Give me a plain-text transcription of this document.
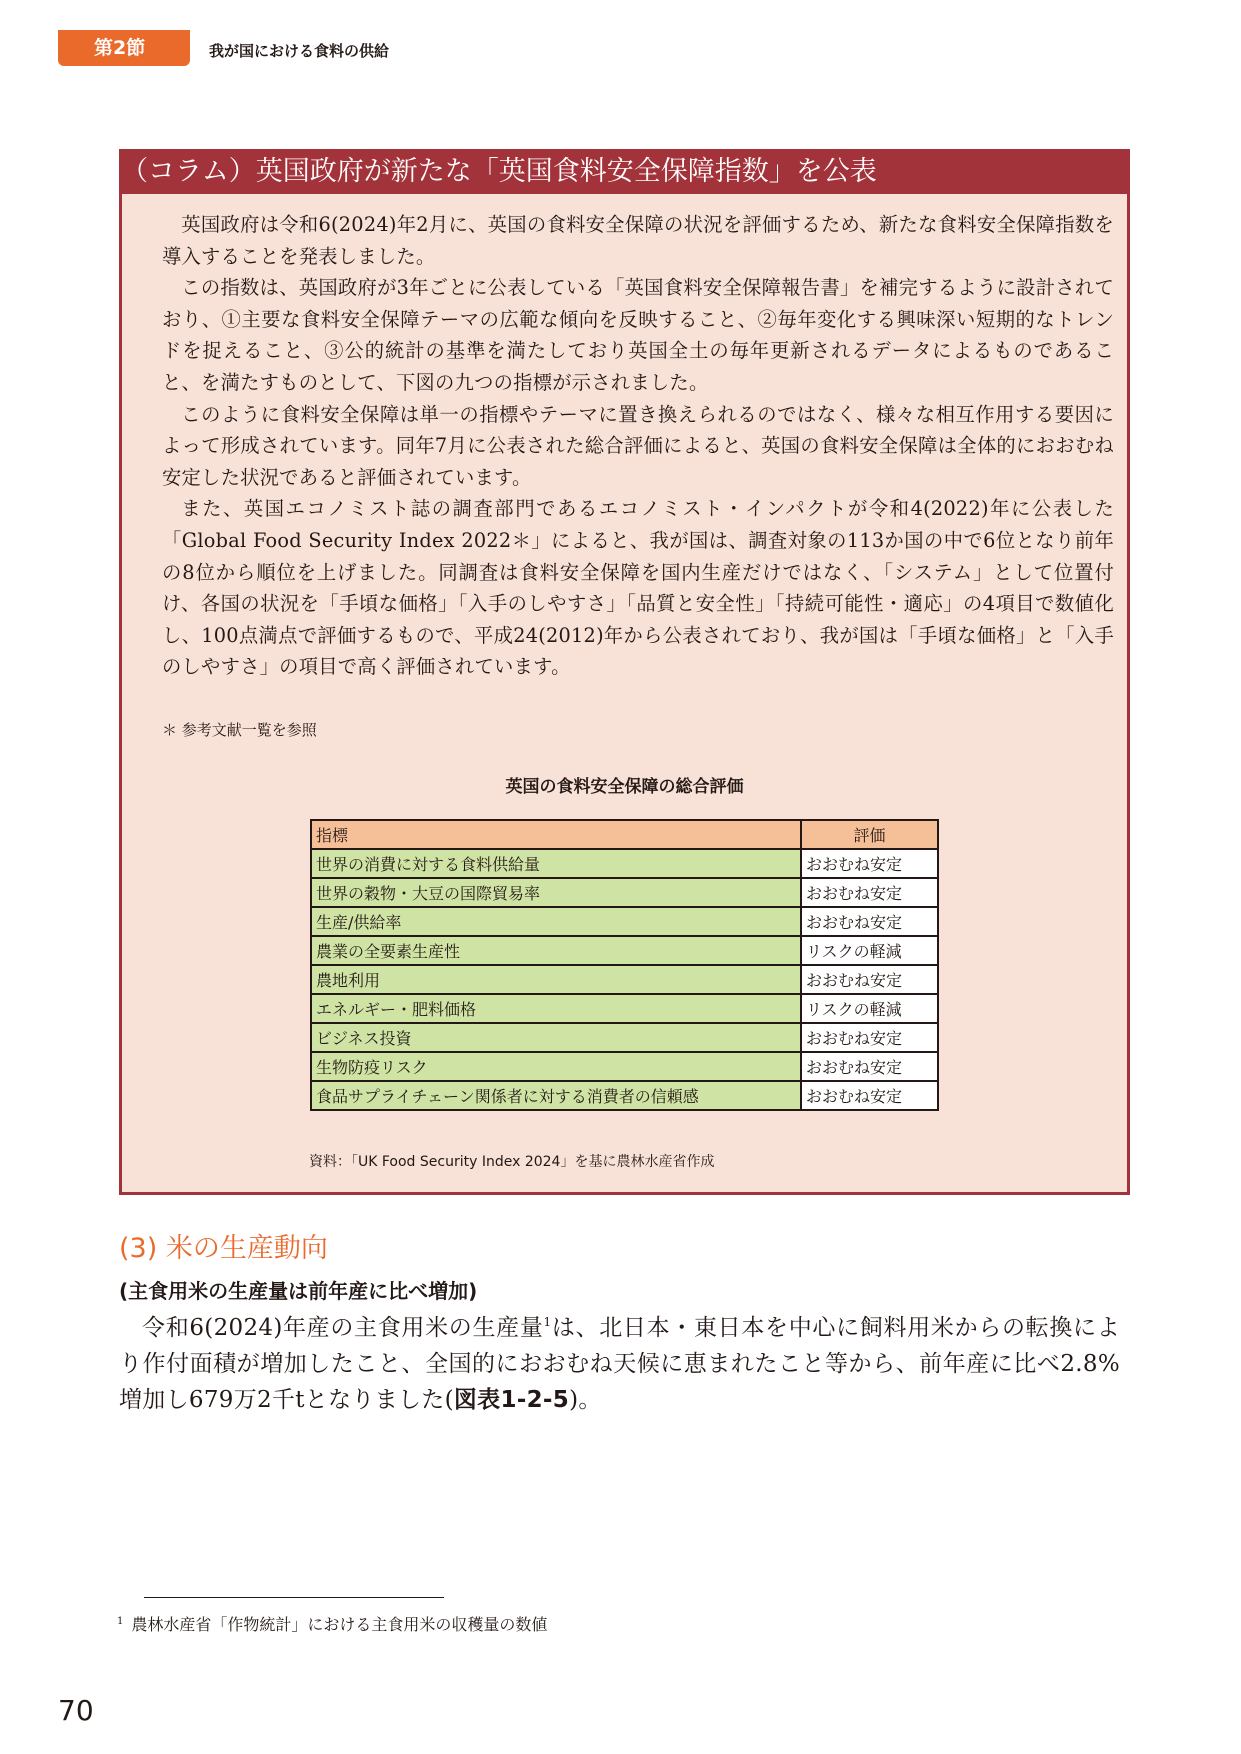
第2節	我が国における食料の供給
（コラム）英国政府が新たな「英国食料安全保障指数」を公表

英国政府は令和6(2024)年2月に、英国の食料安全保障の状況を評価するため、新たな食料安全保障指数を導入することを発表しました。

この指数は、英国政府が3年ごとに公表している「英国食料安全保障報告書」を補完するように設計されており、①主要な食料安全保障テーマの広範な傾向を反映すること、②毎年変化する興味深い短期的なトレンドを捉えること、③公的統計の基準を満たしており英国全土の毎年更新されるデータによるものであること、を満たすものとして、下図の九つの指標が示されました。

このように食料安全保障は単一の指標やテーマに置き換えられるのではなく、様々な相互作用する要因によって形成されています。同年7月に公表された総合評価によると、英国の食料安全保障は全体的におおむね安定した状況であると評価されています。

また、英国エコノミスト誌の調査部門であるエコノミスト・インパクトが令和4(2022)年に公表した「Global Food Security Index 2022＊」によると、我が国は、調査対象の113か国の中で6位となり前年の8位から順位を上げました。同調査は食料安全保障を国内生産だけではなく、「システム」として位置付け、各国の状況を「手頃な価格」「入手のしやすさ」「品質と安全性」「持続可能性・適応」の4項目で数値化し、100点満点で評価するもので、平成24(2012)年から公表されており、我が国は「手頃な価格」と「入手のしやすさ」の項目で高く評価されています。

＊ 参考文献一覧を参照
英国の食料安全保障の総合評価
指標	評価
世界の消費に対する食料供給量	おおむね安定
世界の穀物・大豆の国際貿易率	おおむね安定
生産/供給率	おおむね安定
農業の全要素生産性	リスクの軽減
農地利用	おおむね安定
エネルギー・肥料価格	リスクの軽減
ビジネス投資	おおむね安定
生物防疫リスク	おおむね安定
食品サプライチェーン関係者に対する消費者の信頼感	おおむね安定
資料：「UK Food Security Index 2024」を基に農林水産省作成
(3) 米の生産動向
(主食用米の生産量は前年産に比べ増加)

令和6(2024)年産の主食用米の生産量$^1$は、北日本・東日本を中心に飼料用米からの転換により作付面積が増加したこと、全国的におおむね天候に恵まれたこと等から、前年産に比べ2.8%増加し679万2千tとなりました(図表1-2-5)。

$^1$ 農林水産省「作物統計」における主食用米の収穫量の数値
70
